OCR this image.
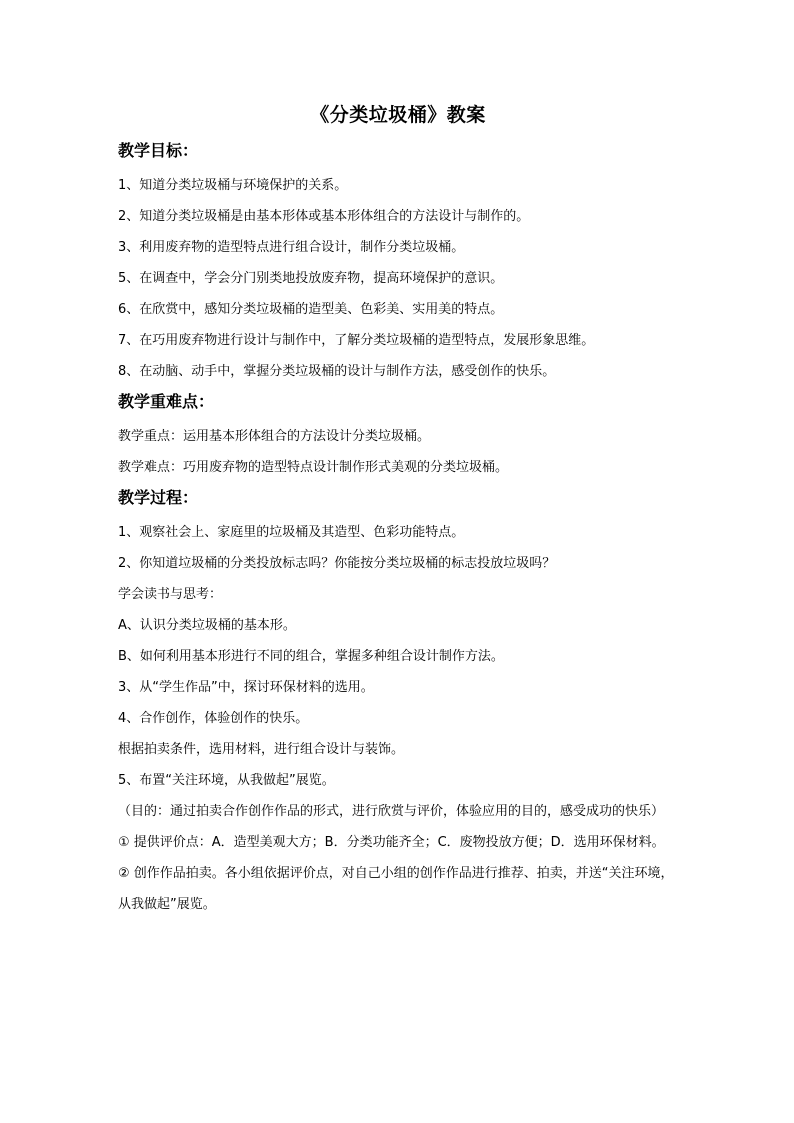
《分类垃圾桶》教案
教学目标：

1、知道分类垃圾桶与环境保护的关系。

2、知道分类垃圾桶是由基本形体或基本形体组合的方法设计与制作的。

3、利用废弃物的造型特点进行组合设计，制作分类垃圾桶。

5、在调查中，学会分门别类地投放废弃物，提高环境保护的意识。

6、在欣赏中，感知分类垃圾桶的造型美、色彩美、实用美的特点。

7、在巧用废弃物进行设计与制作中，了解分类垃圾桶的造型特点，发展形象思维。

8、在动脑、动手中，掌握分类垃圾桶的设计与制作方法，感受创作的快乐。

教学重难点：

教学重点：运用基本形体组合的方法设计分类垃圾桶。

教学难点：巧用废弃物的造型特点设计制作形式美观的分类垃圾桶。

教学过程：

1、观察社会上、家庭里的垃圾桶及其造型、色彩功能特点。

2、你知道垃圾桶的分类投放标志吗？你能按分类垃圾桶的标志投放垃圾吗？

学会读书与思考：

A、认识分类垃圾桶的基本形。

B、如何利用基本形进行不同的组合，掌握多种组合设计制作方法。

3、从“学生作品”中，探讨环保材料的选用。

4、合作创作，体验创作的快乐。

根据拍卖条件，选用材料，进行组合设计与装饰。

5、布置“关注环境，从我做起”展览。

（目的：通过拍卖合作创作作品的形式，进行欣赏与评价，体验应用的目的，感受成功的快乐）

① 提供评价点：A．造型美观大方；B．分类功能齐全；C．废物投放方便；D．选用环保材料。

② 创作作品拍卖。各小组依据评价点，对自己小组的创作作品进行推荐、拍卖，并送“关注环境，从我做起”展览。
